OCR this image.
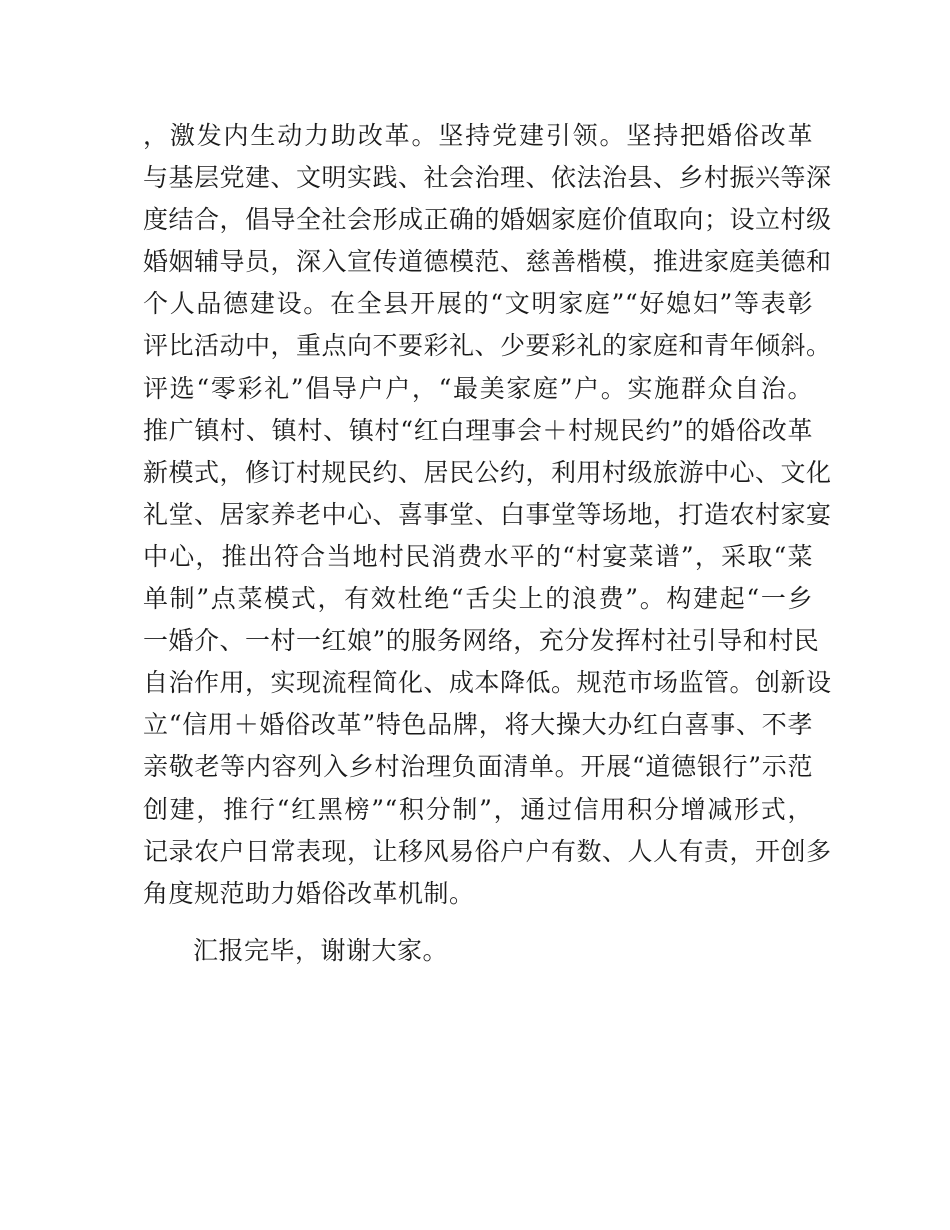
，激发内生动力助改革。坚持党建引领。坚持把婚俗改革
与基层党建、文明实践、社会治理、依法治县、乡村振兴等深
度结合，倡导全社会形成正确的婚姻家庭价值取向；设立村级
婚姻辅导员，深入宣传道德模范、慈善楷模，推进家庭美德和
个人品德建设。在全县开展的“文明家庭”“好媳妇”等表彰
评比活动中，重点向不要彩礼、少要彩礼的家庭和青年倾斜。
评选“零彩礼”倡导户户，“最美家庭”户。实施群众自治。
推广镇村、镇村、镇村“红白理事会＋村规民约”的婚俗改革
新模式，修订村规民约、居民公约，利用村级旅游中心、文化
礼堂、居家养老中心、喜事堂、白事堂等场地，打造农村家宴
中心，推出符合当地村民消费水平的“村宴菜谱”，采取“菜
单制”点菜模式，有效杜绝“舌尖上的浪费”。构建起“一乡
一婚介、一村一红娘”的服务网络，充分发挥村社引导和村民
自治作用，实现流程简化、成本降低。规范市场监管。创新设
立“信用＋婚俗改革”特色品牌，将大操大办红白喜事、不孝
亲敬老等内容列入乡村治理负面清单。开展“道德银行”示范
创建，推行“红黑榜”“积分制”，通过信用积分增减形式，
记录农户日常表现，让移风易俗户户有数、人人有责，开创多
角度规范助力婚俗改革机制。
汇报完毕，谢谢大家。
